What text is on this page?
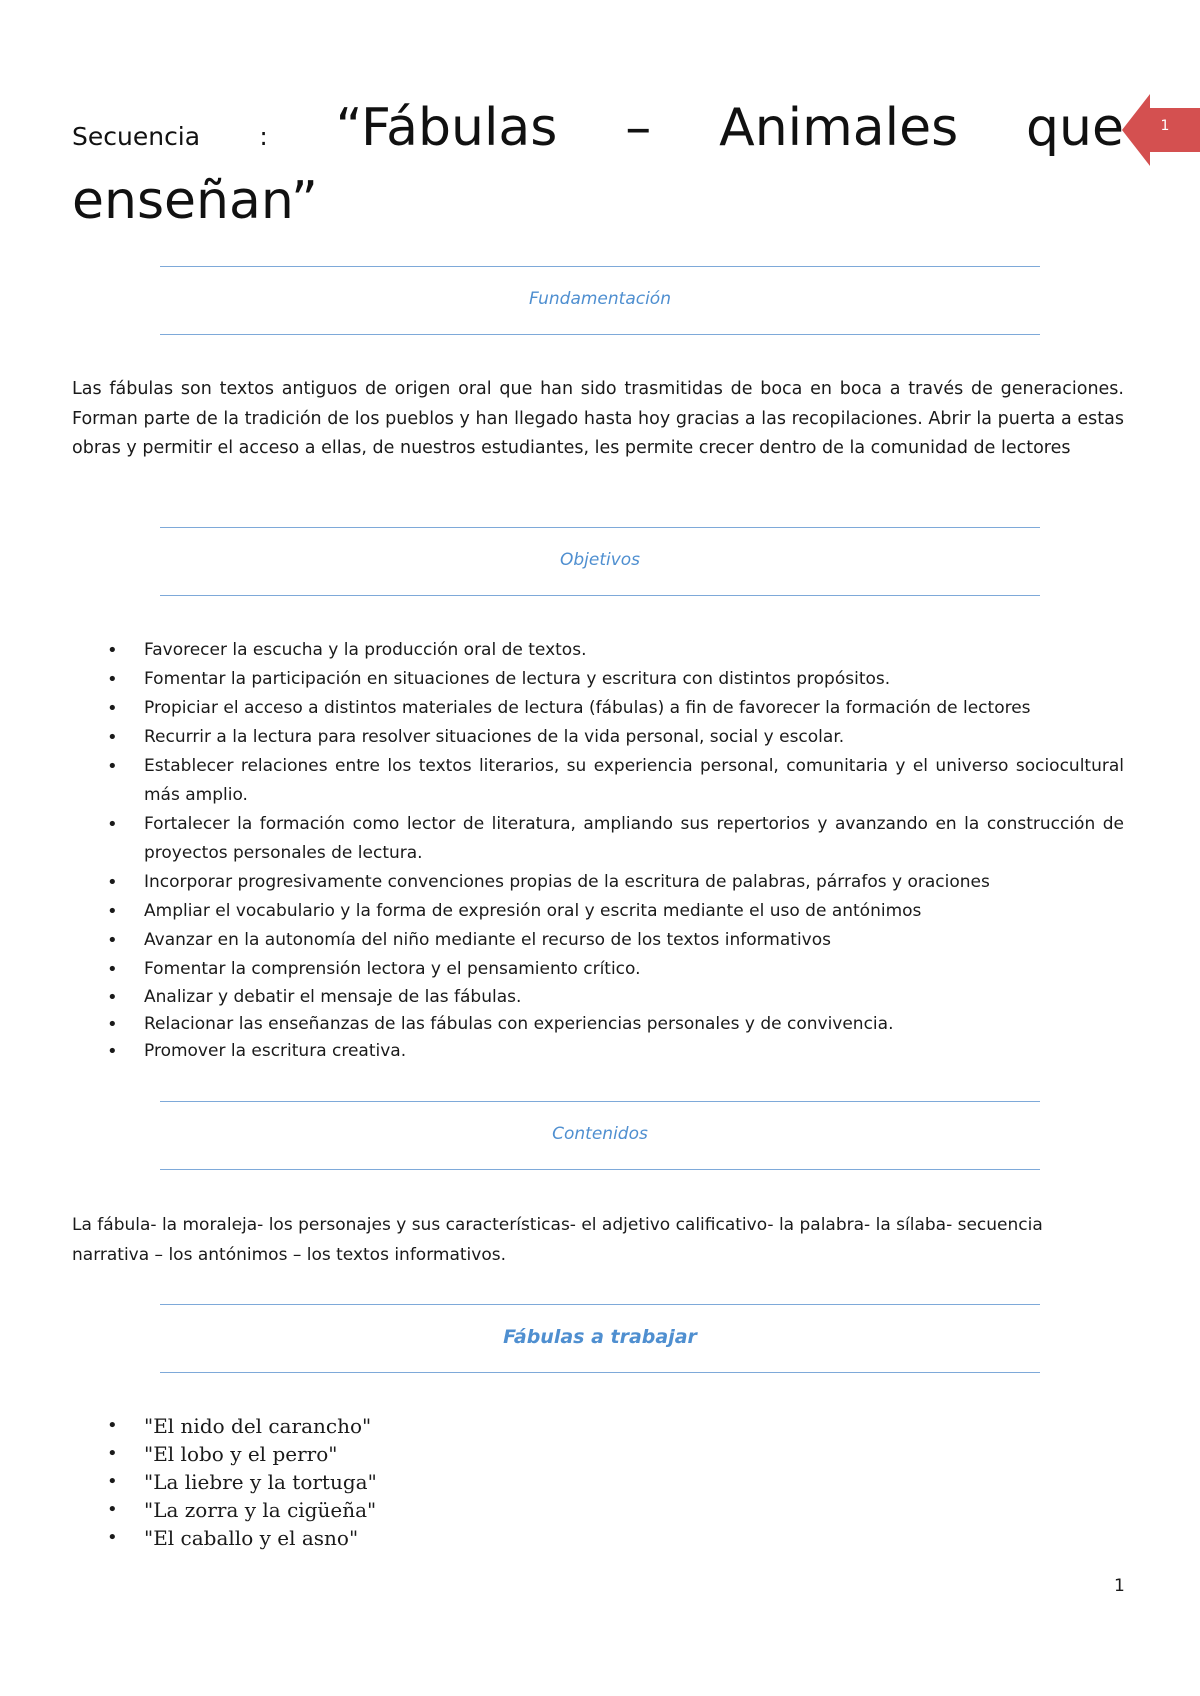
Secuencia : “Fábulas – Animales que enseñan”
1
Fundamentación

Las fábulas son textos antiguos de origen oral que han sido trasmitidas de boca en boca a través de generaciones. Forman parte de la tradición de los pueblos y han llegado hasta hoy gracias a las recopilaciones. Abrir la puerta a estas obras y permitir el acceso a ellas, de nuestros estudiantes, les permite crecer dentro de la comunidad de lectores

Objetivos
• Favorecer la escucha y la producción oral de textos.
• Fomentar la participación en situaciones de lectura y escritura con distintos propósitos.
• Propiciar el acceso a distintos materiales de lectura (fábulas) a fin de favorecer la formación de lectores
• Recurrir a la lectura para resolver situaciones de la vida personal, social y escolar.
• Establecer relaciones entre los textos literarios, su experiencia personal, comunitaria y el universo sociocultural más amplio.
• Fortalecer la formación como lector de literatura, ampliando sus repertorios y avanzando en la construcción de proyectos personales de lectura.
• Incorporar progresivamente convenciones propias de la escritura de palabras, párrafos y oraciones
• Ampliar el vocabulario y la forma de expresión oral y escrita mediante el uso de antónimos
• Avanzar en la autonomía del niño mediante el recurso de los textos informativos
• Fomentar la comprensión lectora y el pensamiento crítico.
• Analizar y debatir el mensaje de las fábulas.
• Relacionar las enseñanzas de las fábulas con experiencias personales y de convivencia.
• Promover la escritura creativa.
Contenidos

La fábula- la moraleja- los personajes y sus características- el adjetivo calificativo- la palabra- la sílaba- secuencia narrativa – los antónimos – los textos informativos.

Fábulas a trabajar
• "El nido del carancho"
• "El lobo y el perro"
• "La liebre y la tortuga"
• "La zorra y la cigüeña"
• "El caballo y el asno"
1
